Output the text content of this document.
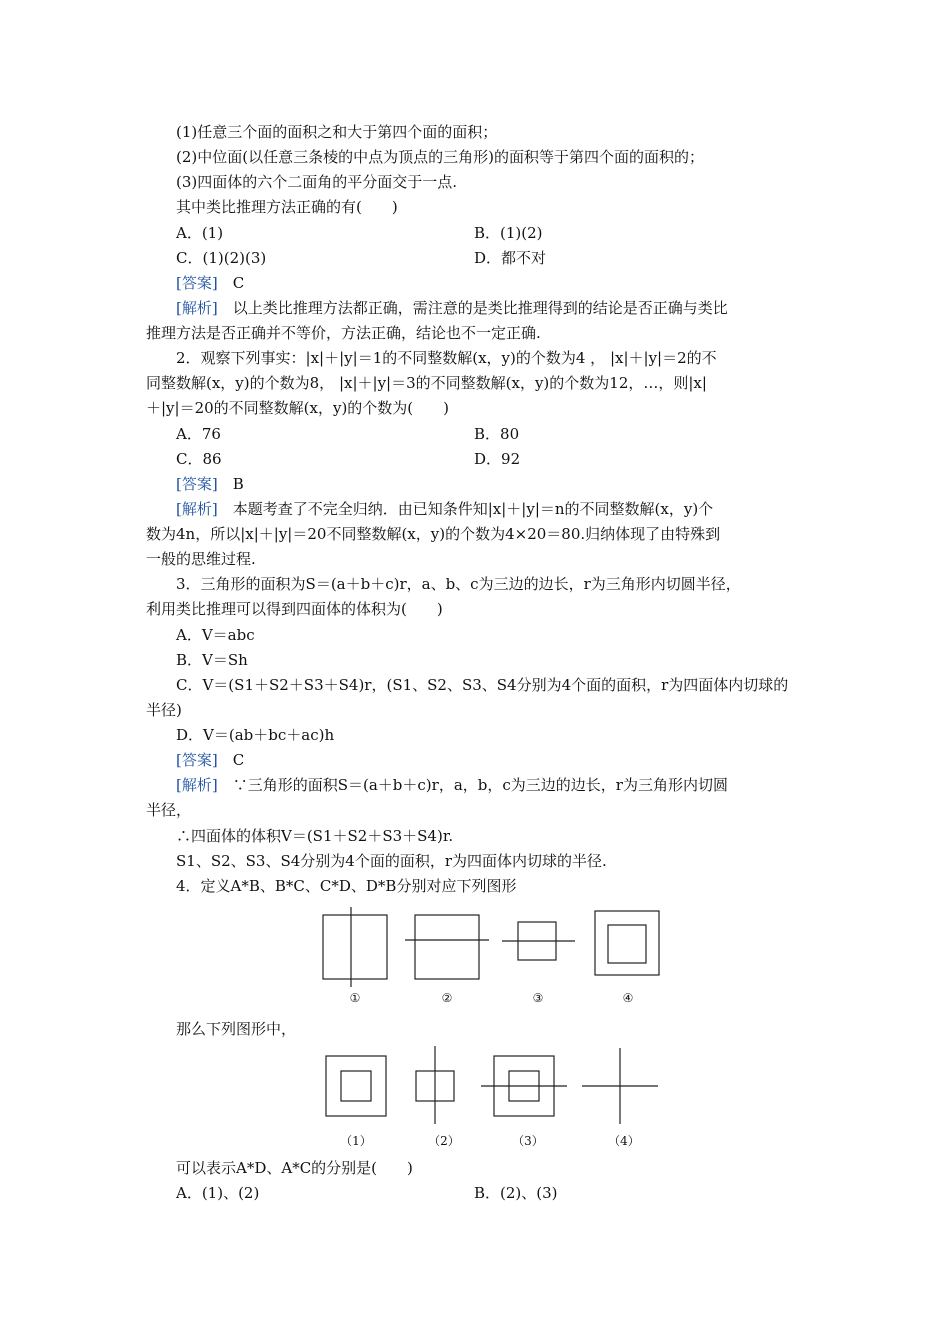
(1)任意三个面的面积之和大于第四个面的面积；
(2)中位面(以任意三条棱的中点为顶点的三角形)的面积等于第四个面的面积的；
(3)四面体的六个二面角的平分面交于一点.
其中类比推理方法正确的有(　　)
A．(1)	B．(1)(2)
C．(1)(2)(3)	D．都不对
[答案]　 C
[解析]　 以上类比推理方法都正确，需注意的是类比推理得到的结论是否正确与类比
推理方法是否正确并不等价，方法正确，结论也不一定正确.
2．观察下列事实：|x|＋|y|＝1的不同整数解(x，y)的个数为4 ， |x|＋|y|＝2的不
同整数解(x，y)的个数为8， |x|＋|y|＝3的不同整数解(x，y)的个数为12，…，则|x|
＋|y|＝20的不同整数解(x，y)的个数为(　　)
A．76	B．80
C．86	D．92
[答案]　 B
[解析]　 本题考查了不完全归纳．由已知条件知|x|＋|y|＝n的不同整数解(x，y)个
数为4n，所以|x|＋|y|＝20不同整数解(x，y)的个数为4×20＝80.归纳体现了由特殊到
一般的思维过程.
3．三角形的面积为S＝(a＋b＋c)r，a、b、c为三边的边长，r为三角形内切圆半径，
利用类比推理可以得到四面体的体积为(　　)
A．V＝abc
B．V＝Sh
C．V＝(S1＋S2＋S3＋S4)r，(S1、S2、S3、S4分别为4个面的面积，r为四面体内切球的
半径)
D．V＝(ab＋bc＋ac)h
[答案]　 C
[解析]　 ∵三角形的面积S＝(a＋b＋c)r，a，b，c为三边的边长，r为三角形内切圆
半径，
∴四面体的体积V＝(S1＋S2＋S3＋S4)r.
S1、S2、S3、S4分别为4个面的面积，r为四面体内切球的半径.
4．定义A*B、B*C、C*D、D*B分别对应下列图形
①	②	③	④
那么下列图形中，
（1）	（2）	（3）	（4）
可以表示A*D、A*C的分别是(　　)
A．(1)、(2)	B．(2)、(3)
